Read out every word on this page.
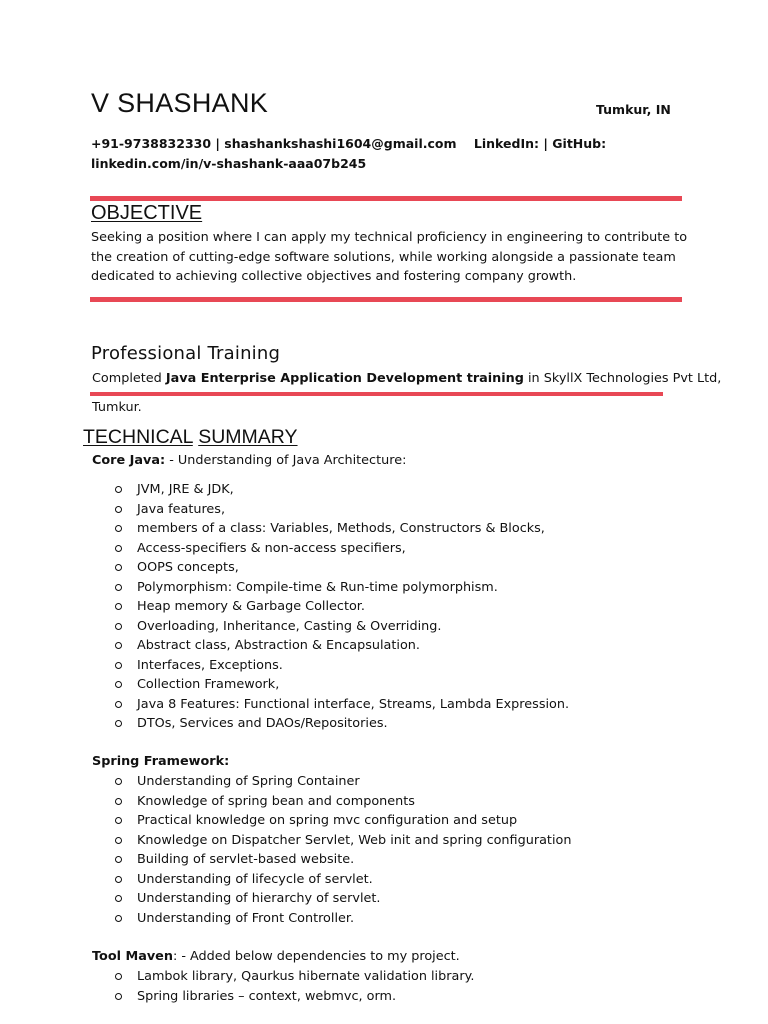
V SHASHANK	Tumkur, IN
+91-9738832330 | shashankshashi1604@gmail.com    LinkedIn: | GitHub:
linkedin.com/in/v-shashank-aaa07b245
OBJECTIVE

Seeking a position where I can apply my technical proficiency in engineering to contribute to the creation of cutting-edge software solutions, while working alongside a passionate team dedicated to achieving collective objectives and fostering company growth.

Professional Training
Completed Java Enterprise Application Development training in SkyllX Technologies Pvt Ltd,
Tumkur.
TECHNICAL SUMMARY
Core Java: - Understanding of Java Architecture:
JVM, JRE & JDK,
Java features,
members of a class: Variables, Methods, Constructors & Blocks,
Access-specifiers & non-access specifiers,
OOPS concepts,
Polymorphism: Compile-time & Run-time polymorphism.
Heap memory & Garbage Collector.
Overloading, Inheritance, Casting & Overriding.
Abstract class, Abstraction & Encapsulation.
Interfaces, Exceptions.
Collection Framework,
Java 8 Features: Functional interface, Streams, Lambda Expression.
DTOs, Services and DAOs/Repositories.
Spring Framework:
Understanding of Spring Container
Knowledge of spring bean and components
Practical knowledge on spring mvc configuration and setup
Knowledge on Dispatcher Servlet, Web init and spring configuration
Building of servlet-based website.
Understanding of lifecycle of servlet.
Understanding of hierarchy of servlet.
Understanding of Front Controller.
Tool Maven: - Added below dependencies to my project.
Lambok library, Qaurkus hibernate validation library.
Spring libraries – context, webmvc, orm.
